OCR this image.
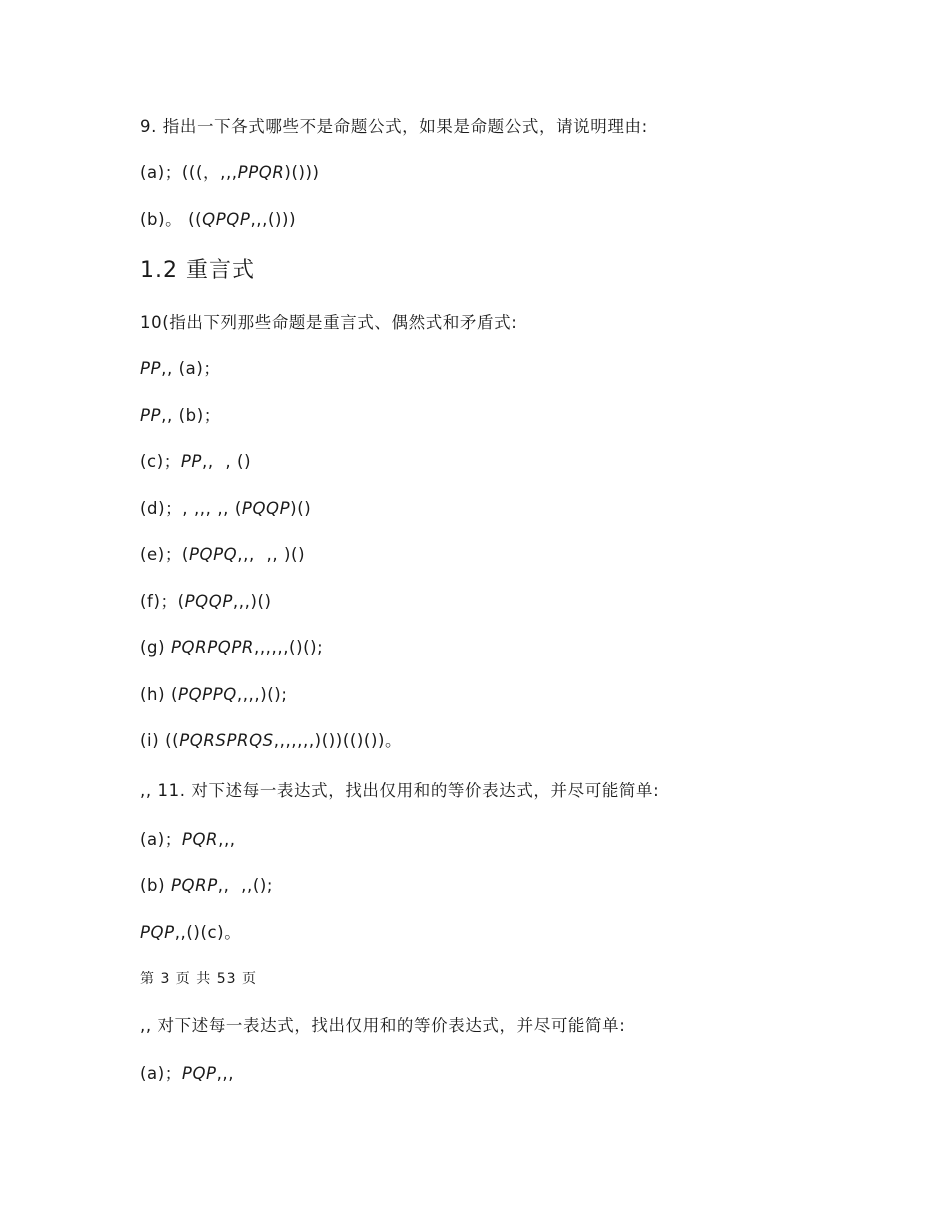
9. 指出一下各式哪些不是命题公式，如果是命题公式，请说明理由:
(a)；(((，,,,PPQR)()))
(b)。 ((QPQP,,,()))
1.2 重言式
10(指出下列那些命题是重言式、偶然式和矛盾式:
PP,, (a)；
PP,, (b)；
(c)；PP,,  , ()
(d)；, ,,, ,, (PQQP)()
(e)；(PQPQ,,,  ,, )()
(f)；(PQQP,,,)()
(g) PQRPQPR,,,,,,()();
(h) (PQPPQ,,,,)();
(i) ((PQRSPRQS,,,,,,,)())(()())。
,, 11. 对下述每一表达式，找出仅用和的等价表达式，并尽可能简单:
(a)；PQR,,,
(b) PQRP,,  ,,();
PQP,,()(c)。
第 3 页 共 53 页
,, 对下述每一表达式，找出仅用和的等价表达式，并尽可能简单:
(a)；PQP,,,
